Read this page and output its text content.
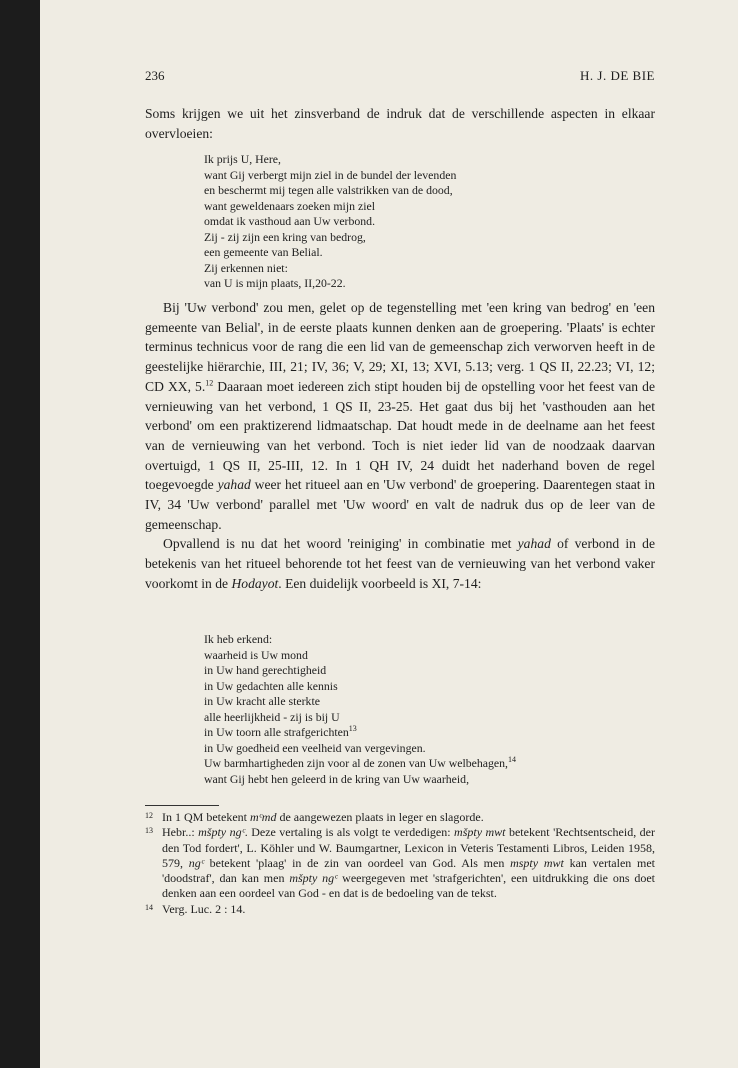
236	H. J. DE BIE

Soms krijgen we uit het zinsverband de indruk dat de verschillende aspecten in elkaar overvloeien:

Ik prijs U, Here,
want Gij verbergt mijn ziel in de bundel der levenden
en beschermt mij tegen alle valstrikken van de dood,
want geweldenaars zoeken mijn ziel
omdat ik vasthoud aan Uw verbond.
Zij - zij zijn een kring van bedrog,
een gemeente van Belial.
Zij erkennen niet:
van U is mijn plaats, II,20-22.

Bij 'Uw verbond' zou men, gelet op de tegenstelling met 'een kring van bedrog' en 'een gemeente van Belial', in de eerste plaats kunnen denken aan de groepering. 'Plaats' is echter terminus technicus voor de rang die een lid van de gemeenschap zich verworven heeft in de geestelijke hiërarchie, III, 21; IV, 36; V, 29; XI, 13; XVI, 5.13; verg. 1 QS II, 22.23; VI, 12; CD XX, 5.12 Daaraan moet iedereen zich stipt houden bij de opstelling voor het feest van de vernieuwing van het verbond, 1 QS II, 23-25. Het gaat dus bij het 'vasthouden aan het verbond' om een praktizerend lidmaatschap. Dat houdt mede in de deelname aan het feest van de vernieuwing van het verbond. Toch is niet ieder lid van de noodzaak daarvan overtuigd, 1 QS II, 25-III, 12. In 1 QH IV, 24 duidt het naderhand boven de regel toegevoegde yahad weer het ritueel aan en 'Uw verbond' de groepering. Daarentegen staat in IV, 34 'Uw verbond' parallel met 'Uw woord' en valt de nadruk dus op de leer van de gemeenschap.

Opvallend is nu dat het woord 'reiniging' in combinatie met yahad of verbond in de betekenis van het ritueel behorende tot het feest van de vernieuwing van het verbond vaker voorkomt in de Hodayot. Een duidelijk voorbeeld is XI, 7-14:

Ik heb erkend:
waarheid is Uw mond
in Uw hand gerechtigheid
in Uw gedachten alle kennis
in Uw kracht alle sterkte
alle heerlijkheid - zij is bij U
in Uw toorn alle strafgerichten$^{13}$
in Uw goedheid een veelheid van vergevingen.
Uw barmhartigheden zijn voor al de zonen van Uw welbehagen,$^{14}$
want Gij hebt hen geleerd in de kring van Uw waarheid,
12 In 1 QM betekent mᶜmd de aangewezen plaats in leger en slagorde.
13 Hebr..: mšpty ngᶜ. Deze vertaling is als volgt te verdedigen: mšpty mwt betekent 'Rechtsentscheid, der den Tod fordert', L. Köhler und W. Baumgartner, Lexicon in Veteris Testamenti Libros, Leiden 1958, 579, ngᶜ betekent 'plaag' in de zin van oordeel van God. Als men mspty mwt kan vertalen met 'doodstraf', dan kan men mšpty ngᶜ weergegeven met 'strafgerichten', een uitdrukking die ons doet denken aan een oordeel van God - en dat is de bedoeling van de tekst.
14 Verg. Luc. 2 : 14.
